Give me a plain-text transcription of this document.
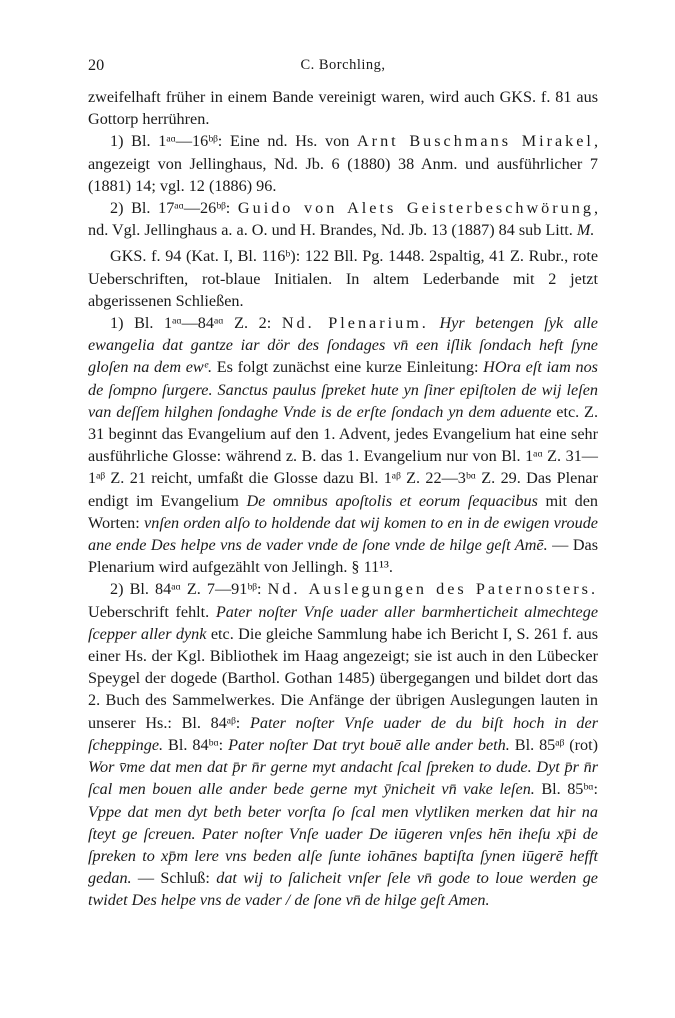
20	C. Borchling,

zweifelhaft früher in einem Bande vereinigt waren, wird auch GKS. f. 81 aus Gottorp herrühren.

1) Bl. 1ᵃᵅ—16ᵇᵝ: Eine nd. Hs. von Arnt Buschmans Mirakel, angezeigt von Jellinghaus, Nd. Jb. 6 (1880) 38 Anm. und ausführlicher 7 (1881) 14; vgl. 12 (1886) 96.

2) Bl. 17ᵃᵅ—26ᵇᵝ: Guido von Alets Geisterbeschwörung, nd. Vgl. Jellinghaus a. a. O. und H. Brandes, Nd. Jb. 13 (1887) 84 sub Litt. M.

GKS. f. 94 (Kat. I, Bl. 116ᵇ): 122 Bll. Pg. 1448. 2spaltig, 41 Z. Rubr., rote Ueberschriften, rot-blaue Initialen. In altem Lederbande mit 2 jetzt abgerissenen Schließen.

1) Bl. 1ᵃᵅ—84ᵃᵅ Z. 2: Nd. Plenarium. Hyr betengen ſyk alle ewangelia dat gantze iar dör des ſondages vn̄ een iſlik ſondach heft ſyne gloſen na dem ewᵉ. Es folgt zunächst eine kurze Einleitung: HOra eſt iam nos de ſompno ſurgere. Sanctus paulus ſpreket hute yn ſiner epiſtolen de wij leſen van deſſem hilghen ſondaghe Vnde is de erſte ſondach yn dem aduente etc. Z. 31 beginnt das Evangelium auf den 1. Advent, jedes Evangelium hat eine sehr ausführliche Glosse: während z. B. das 1. Evangelium nur von Bl. 1ᵃᵅ Z. 31—1ᵃᵝ Z. 21 reicht, umfaßt die Glosse dazu Bl. 1ᵃᵝ Z. 22—3ᵇᵅ Z. 29. Das Plenar endigt im Evangelium De omnibus apoſtolis et eorum ſequacibus mit den Worten: vnſen orden alſo to holdende dat wij komen to en in de ewigen vroude ane ende Des helpe vns de vader vnde de ſone vnde de hilge geſt Amē. — Das Plenarium wird aufgezählt von Jellingh. § 11¹³.

2) Bl. 84ᵃᵅ Z. 7—91ᵇᵝ: Nd. Auslegungen des Paternosters. Ueberschrift fehlt. Pater noſter Vnſe uader aller barmherticheit almechtege ſcepper aller dynk etc. Die gleiche Sammlung habe ich Bericht I, S. 261 f. aus einer Hs. der Kgl. Bibliothek im Haag angezeigt; sie ist auch in den Lübecker Speygel der dogede (Barthol. Gothan 1485) übergegangen und bildet dort das 2. Buch des Sammelwerkes. Die Anfänge der übrigen Auslegungen lauten in unserer Hs.: Bl. 84ᵃᵝ: Pater noſter Vnſe uader de du biſt hoch in der ſcheppinge. Bl. 84ᵇᵅ: Pater noſter Dat tryt bouē alle ander beth. Bl. 85ᵃᵝ (rot) Wor v̄me dat men dat p̄r n̄r gerne myt andacht ſcal ſpreken to dude. Dyt p̄r n̄r ſcal men bouen alle ander bede gerne myt ȳnicheit vn̄ vake leſen. Bl. 85ᵇᵅ: Vppe dat men dyt beth beter vorſta ſo ſcal men vlytliken merken dat hir na ſteyt ge ſcreuen. Pater noſter Vnſe uader De iūgeren vnſes hēn iheſu xp̄i de ſpreken to xp̄m lere vns beden alſe ſunte iohānes baptiſta ſynen iūgerē hefft gedan. — Schluß: dat wij to ſalicheit vnſer ſele vn̄ gode to loue werden ge twidet Des helpe vns de vader / de ſone vn̄ de hilge geſt Amen.
